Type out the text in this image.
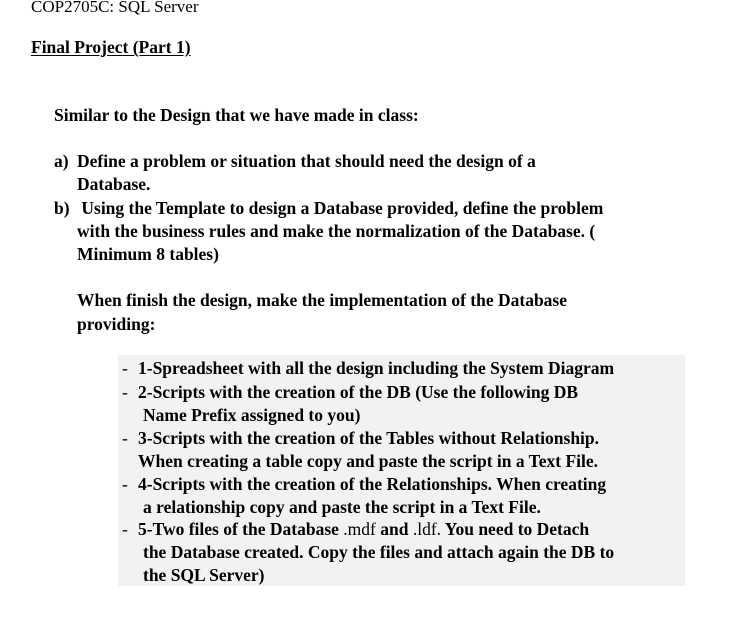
COP2705C: SQL Server
Final Project (Part 1)
Similar to the Design that we have made in class:
a) Define a problem or situation that should need the design of a
Database.
b) Using the Template to design a Database provided, define the problem
with the business rules and make the normalization of the Database. (
Minimum 8 tables)
When finish the design, make the implementation of the Database
providing:
- 1-Spreadsheet with all the design including the System Diagram
- 2-Scripts with the creation of the DB (Use the following DB
Name Prefix assigned to you)
- 3-Scripts with the creation of the Tables without Relationship.
When creating a table copy and paste the script in a Text File.
- 4-Scripts with the creation of the Relationships. When creating
a relationship copy and paste the script in a Text File.
- 5-Two files of the Database .mdf and .ldf. You need to Detach
the Database created. Copy the files and attach again the DB to
the SQL Server)
